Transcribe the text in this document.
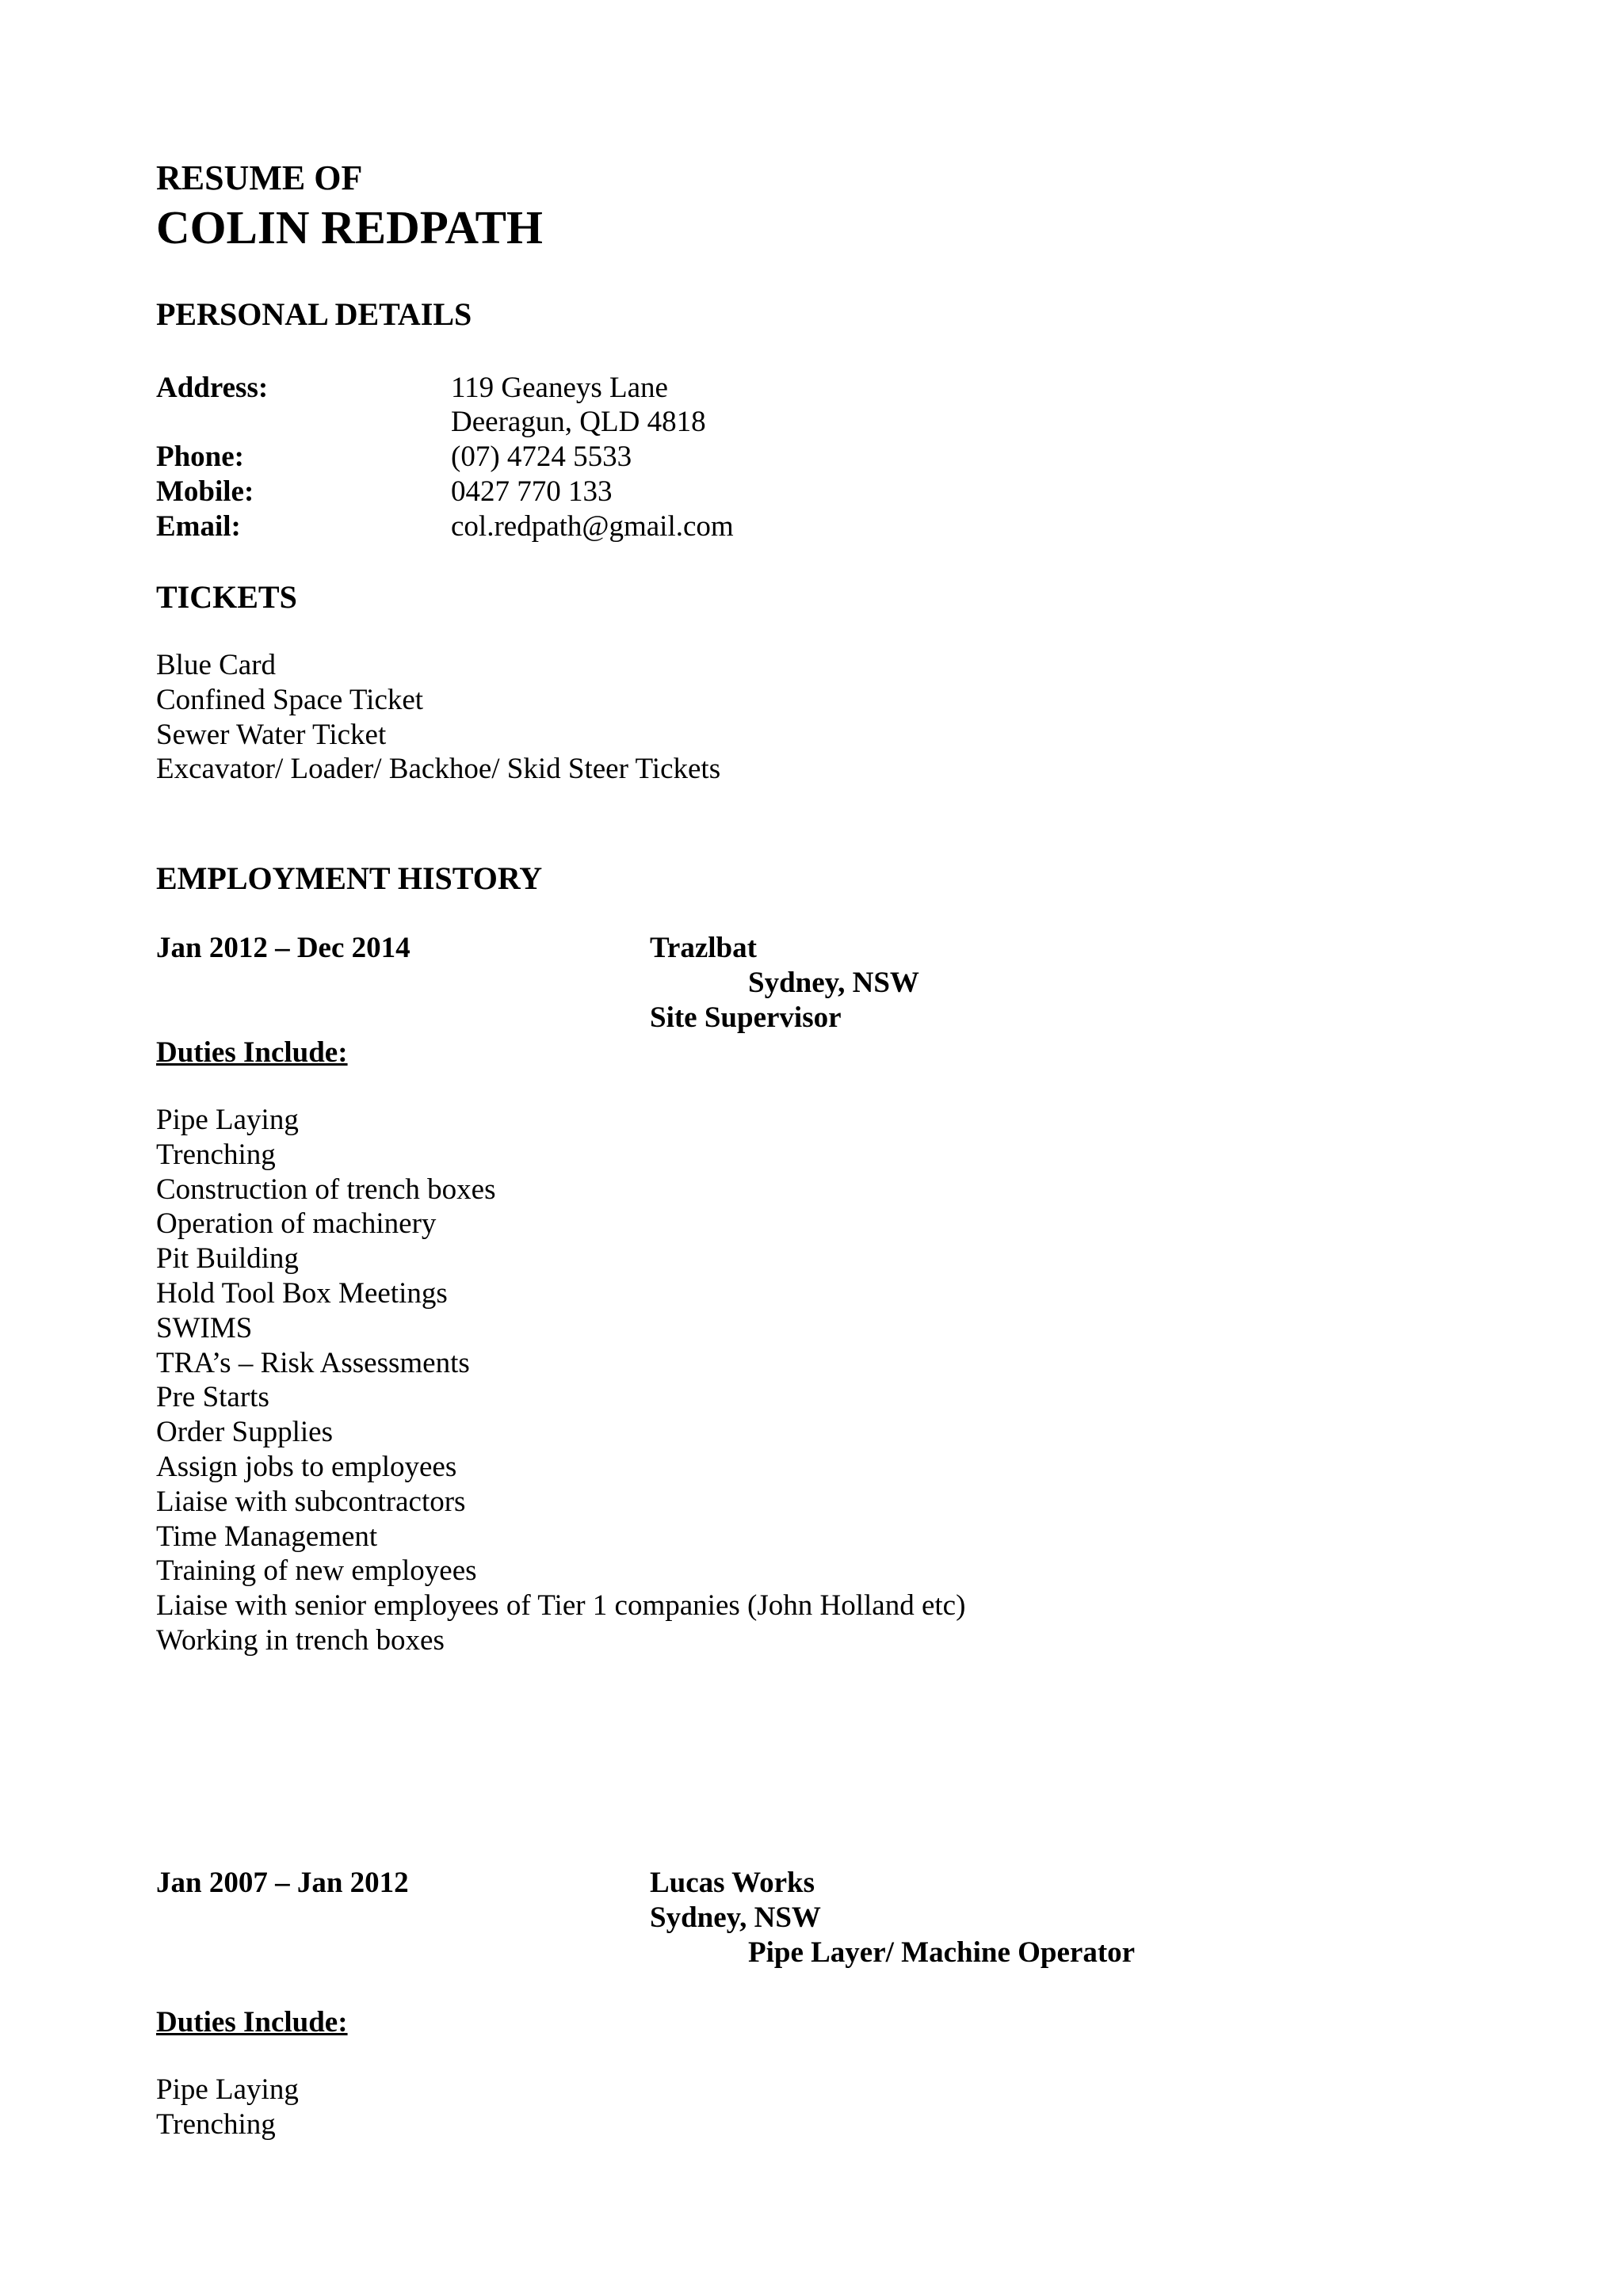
RESUME OF
COLIN REDPATH
PERSONAL DETAILS
Address:	119 Geaneys Lane
Deeragun, QLD 4818
Phone:	(07) 4724 5533
Mobile:	0427 770 133
Email:	col.redpath@gmail.com
TICKETS
Blue Card
Confined Space Ticket
Sewer Water Ticket
Excavator/ Loader/ Backhoe/ Skid Steer Tickets
EMPLOYMENT HISTORY
Jan 2012 – Dec 2014	Trazlbat
Sydney, NSW
Site Supervisor
Duties Include:
Pipe Laying
Trenching
Construction of trench boxes
Operation of machinery
Pit Building
Hold Tool Box Meetings
SWIMS
TRA’s – Risk Assessments
Pre Starts
Order Supplies
Assign jobs to employees
Liaise with subcontractors
Time Management
Training of new employees
Liaise with senior employees of Tier 1 companies (John Holland etc)
Working in trench boxes
Jan 2007 – Jan 2012	Lucas Works
Sydney, NSW
Pipe Layer/ Machine Operator
Duties Include:
Pipe Laying
Trenching
